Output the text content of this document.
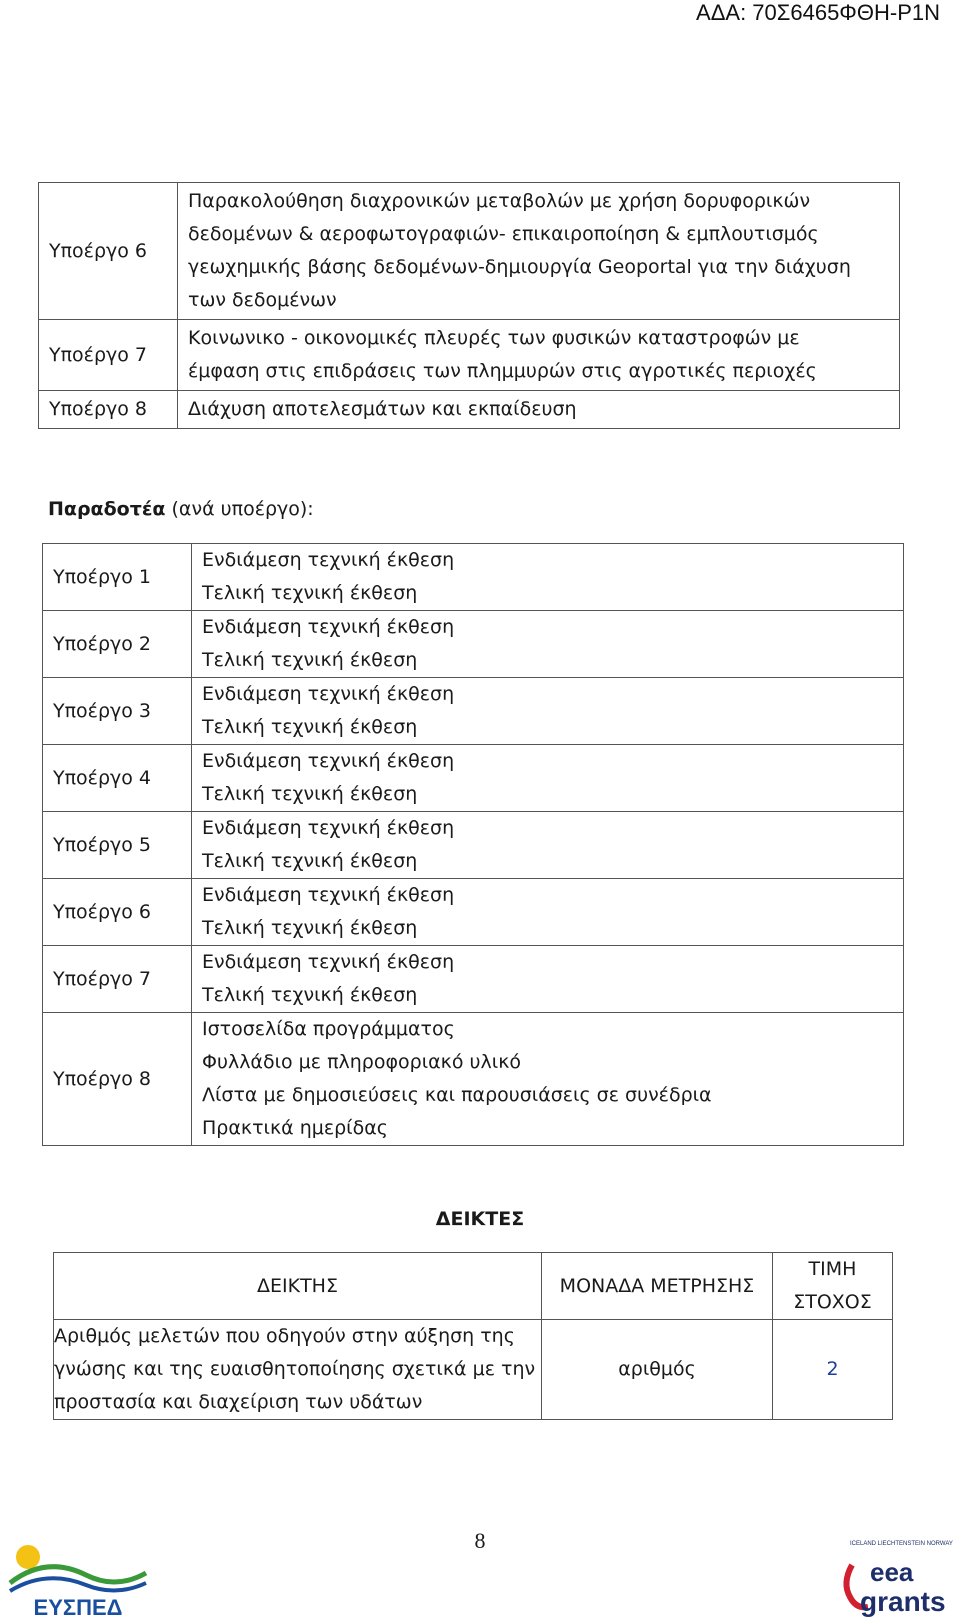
ΑΔΑ: 70Σ6465ΦΘΗ-Ρ1Ν
Υποέργο 6	Παρακολούθηση διαχρονικών μεταβολών με χρήση δορυφορικών
δεδομένων & αεροφωτογραφιών- επικαιροποίηση & εμπλουτισμός
γεωχημικής βάσης δεδομένων-δημιουργία Geoportal για την διάχυση
των δεδομένων

Υποέργο 7	Κοινωνικο - οικονομικές πλευρές των φυσικών καταστροφών με
έμφαση στις επιδράσεις των πλημμυρών στις αγροτικές περιοχές

Υποέργο 8	Διάχυση αποτελεσμάτων και εκπαίδευση
Παραδοτέα (ανά υποέργο):
Υποέργο 1	Ενδιάμεση τεχνική έκθεση
Τελική τεχνική έκθεση

Υποέργο 2	Ενδιάμεση τεχνική έκθεση
Τελική τεχνική έκθεση

Υποέργο 3	Ενδιάμεση τεχνική έκθεση
Τελική τεχνική έκθεση

Υποέργο 4	Ενδιάμεση τεχνική έκθεση
Τελική τεχνική έκθεση

Υποέργο 5	Ενδιάμεση τεχνική έκθεση
Τελική τεχνική έκθεση

Υποέργο 6	Ενδιάμεση τεχνική έκθεση
Τελική τεχνική έκθεση

Υποέργο 7	Ενδιάμεση τεχνική έκθεση
Τελική τεχνική έκθεση

Υποέργο 8	Ιστοσελίδα προγράμματος
Φυλλάδιο με πληροφοριακό υλικό
Λίστα με δημοσιεύσεις και παρουσιάσεις σε συνέδρια
Πρακτικά ημερίδας
ΔΕΙΚΤΕΣ
ΔΕΙΚΤΗΣ	ΜΟΝΑΔΑ ΜΕΤΡΗΣΗΣ	ΤΙΜΗ
ΣΤΟΧΟΣ

Αριθμός μελετών που οδηγούν στην αύξηση της
γνώσης και της ευαισθητοποίησης σχετικά με την
προστασία και διαχείριση των υδάτων	αριθμός	2
8
ΕΥΣΠΕΔ
ICELAND LIECHTENSTEIN NORWAY
eea
grants
